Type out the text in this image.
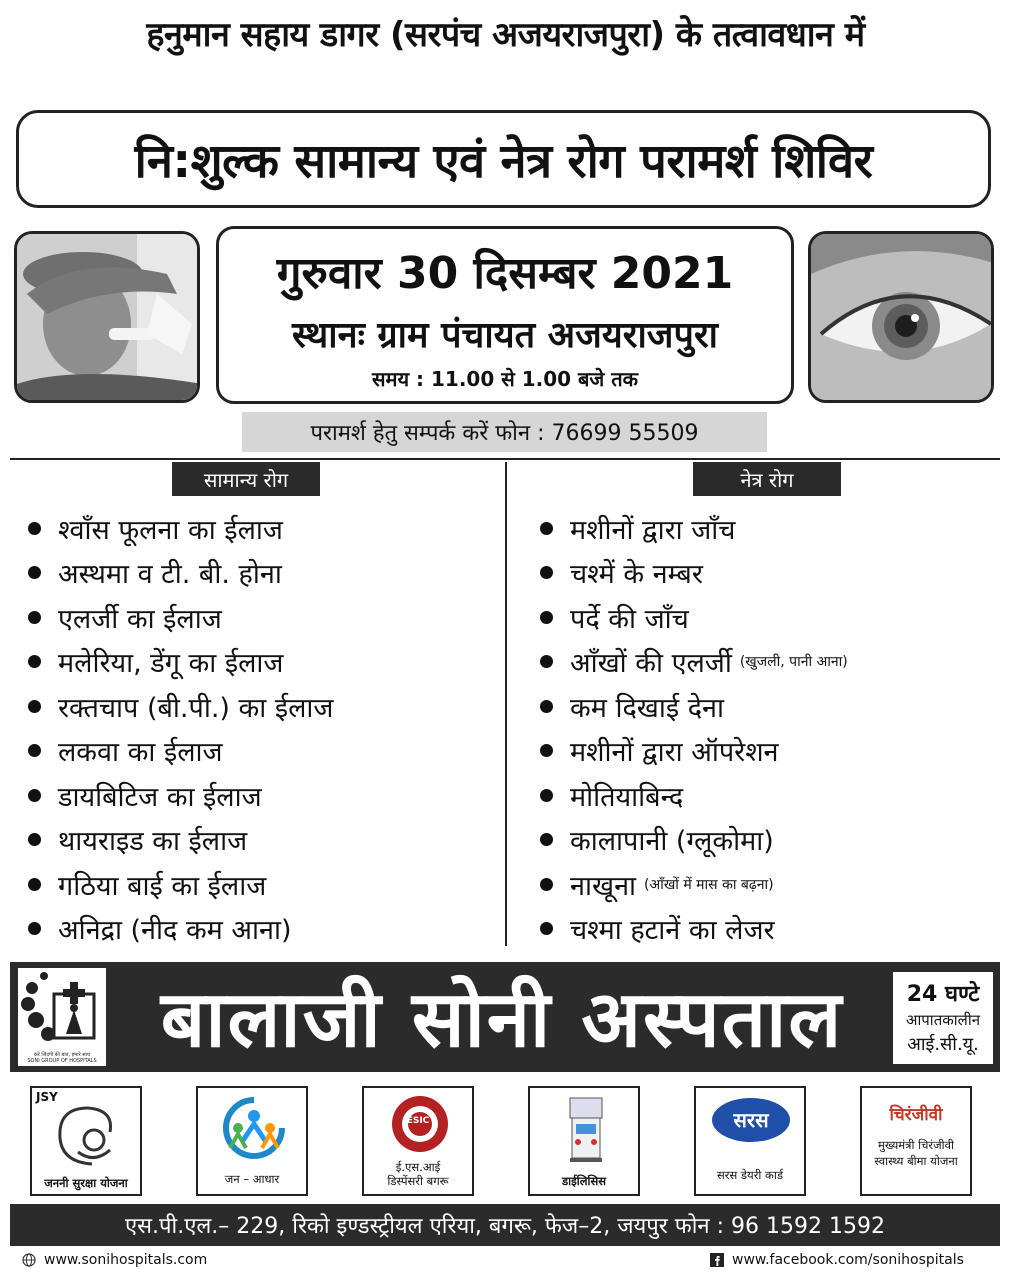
हनुमान सहाय डागर (सरपंच अजयराजपुरा) के तत्वावधान में
नि:शुल्क सामान्य एवं नेत्र रोग परामर्श शिविर
गुरुवार 30 दिसम्बर 2021
स्थानः ग्राम पंचायत अजयराजपुरा
समय : 11.00 से 1.00 बजे तक
परामर्श हेतु सम्पर्क करें फोन : 76699 55509
सामान्य रोग	नेत्र रोग
श्वाँस फूलना का ईलाज
अस्थमा व टी. बी. होना
एलर्जी का ईलाज
मलेरिया, डेंगू का ईलाज
रक्तचाप (बी.पी.) का ईलाज
लकवा का ईलाज
डायबिटिज का ईलाज
थायराइड का ईलाज
गठिया बाई का ईलाज
अनिद्रा (नीद कम आना)
मशीनों द्वारा जाँच
चश्में के नम्बर
पर्दे की जाँच
आँखों की एलर्जी (खुजली, पानी आना)
कम दिखाई देना
मशीनों द्वारा ऑपरेशन
मोतियाबिन्द
कालापानी (ग्लूकोमा)
नाखूना (आँखों में मास का बढ़ना)
चश्मा हटानें का लेजर
करें जिंदगी की बात, हमारे साथ
SONI GROUP OF HOSPITALS बालाजी सोनी अस्पताल	24 घण्टे
आपातकालीन
आई.सी.यू.
JSY
जननी सुरक्षा योजना	जन – आधार
ESIC
ई.एस.आई
डिस्पेंसरी बगरू	डाईलिसिस
सरस
सरस डेयरी कार्ड
चिरंजीवी
मुख्यमंत्री चिरंजीवी
स्वास्थ्य बीमा योजना
एस.पी.एल.– 229, रिको इण्डस्ट्रीयल एरिया, बगरू, फेज–2, जयपुर फोन : 96 1592 1592
www.sonihospitals.com	www.facebook.com/sonihospitals
